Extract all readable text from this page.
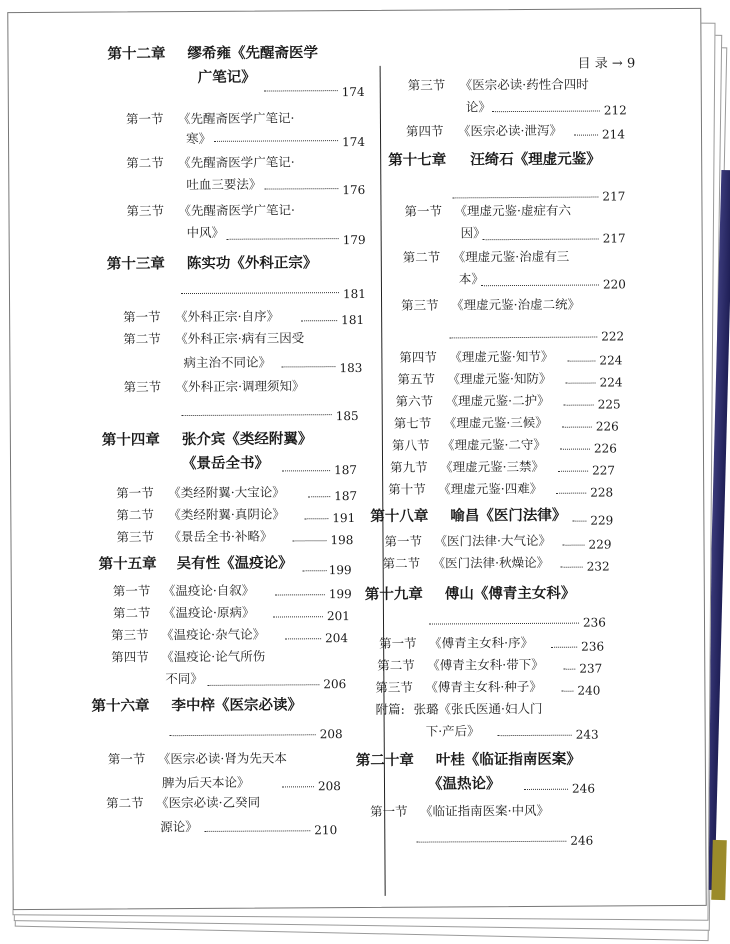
目 录 → 9
第十二章 缪希雍《先醒斋医学
广笔记》
174
第一节 《先醒斋医学广笔记·
寒》	174
第二节 《先醒斋医学广笔记·
吐血三要法》	176
第三节 《先醒斋医学广笔记·
中风》	179
第十三章 陈实功《外科正宗》
181
第一节 《外科正宗·自序》	181
第二节 《外科正宗·病有三因受
病主治不同论》	183
第三节 《外科正宗·调理须知》
185
第十四章 张介宾《类经附翼》
《景岳全书》	187
第一节 《类经附翼·大宝论》	187
第二节 《类经附翼·真阴论》	191
第三节 《景岳全书·补略》	198
第十五章 吴有性《温疫论》	199
第一节 《温疫论·自叙》	199
第二节 《温疫论·原病》	201
第三节 《温疫论·杂气论》	204
第四节 《温疫论·论气所伤
不同》	206
第十六章 李中梓《医宗必读》
208
第一节 《医宗必读·肾为先天本
脾为后天本论》	208
第二节 《医宗必读·乙癸同
源论》	210
第三节 《医宗必读·药性合四时
论》	212
第四节 《医宗必读·泄泻》	214
第十七章 汪绮石《理虚元鉴》
217
第一节 《理虚元鉴·虚症有六
因》	217
第二节 《理虚元鉴·治虚有三
本》	220
第三节 《理虚元鉴·治虚二统》
222
第四节 《理虚元鉴·知节》	224
第五节 《理虚元鉴·知防》	224
第六节 《理虚元鉴·二护》	225
第七节 《理虚元鉴·三候》	226
第八节 《理虚元鉴·二守》	226
第九节 《理虚元鉴·三禁》	227
第十节 《理虚元鉴·四难》	228
第十八章 喻昌《医门法律》 229
第一节 《医门法律·大气论》	229
第二节 《医门法律·秋燥论》	232
第十九章 傅山《傅青主女科》
236
第一节 《傅青主女科·序》	236
第二节 《傅青主女科·带下》	237
第三节 《傅青主女科·种子》	240
附篇: 张璐《张氏医通·妇人门
下·产后》	243
第二十章 叶桂《临证指南医案》
《温热论》	246
第一节 《临证指南医案·中风》
246
